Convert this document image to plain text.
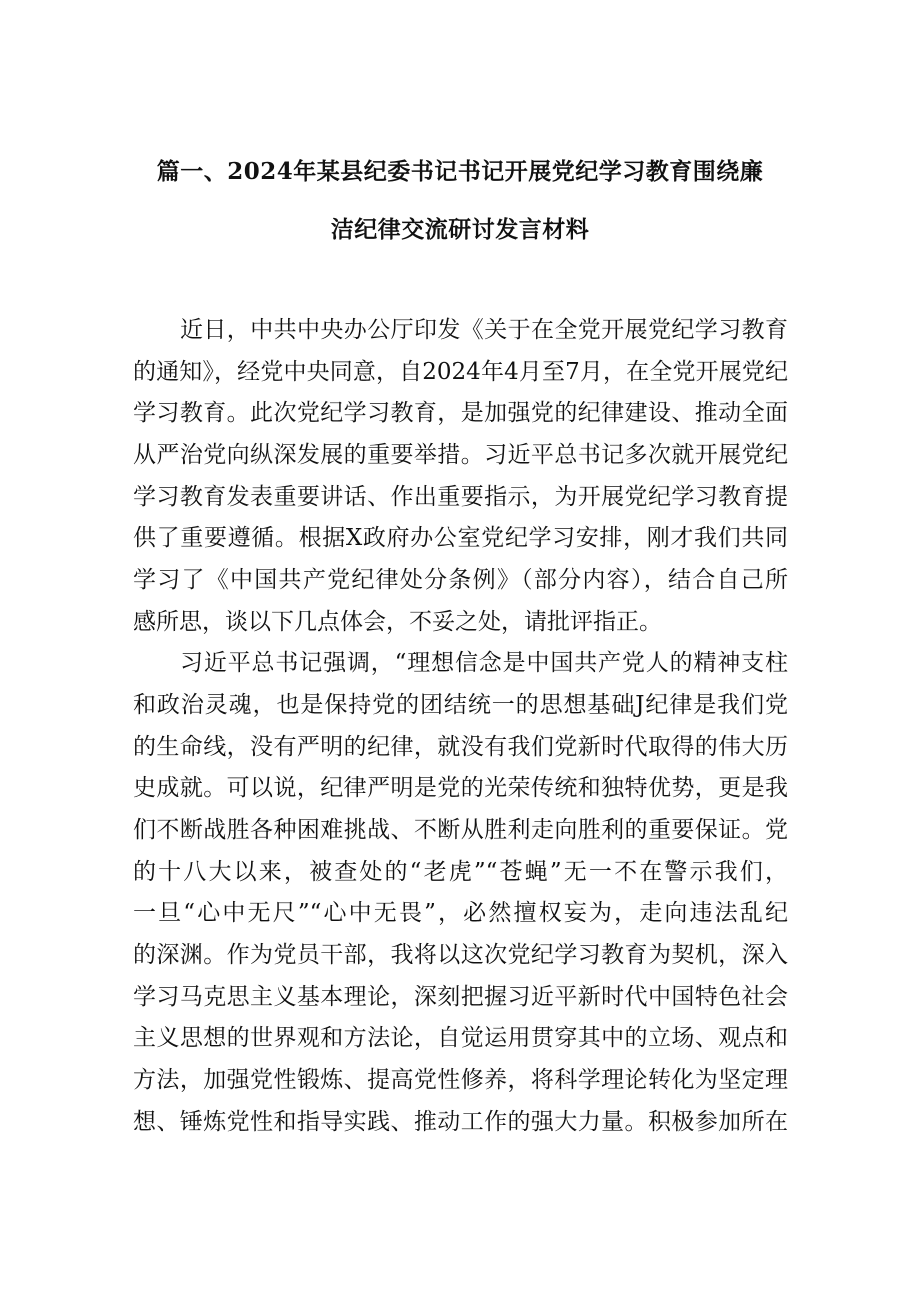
篇一、2024年某县纪委书记书记开展党纪学习教育围绕廉
洁纪律交流研讨发言材料
近日，中共中央办公厅印发《关于在全党开展党纪学习教育
的通知》，经党中央同意，自2024年4月至7月，在全党开展党纪
学习教育。此次党纪学习教育，是加强党的纪律建设、推动全面
从严治党向纵深发展的重要举措。习近平总书记多次就开展党纪
学习教育发表重要讲话、作出重要指示，为开展党纪学习教育提
供了重要遵循。根据X政府办公室党纪学习安排，刚才我们共同
学习了《中国共产党纪律处分条例》（部分内容），结合自己所
感所思，谈以下几点体会，不妥之处，请批评指正。
习近平总书记强调，“理想信念是中国共产党人的精神支柱
和政治灵魂，也是保持党的团结统一的思想基础J纪律是我们党
的生命线，没有严明的纪律，就没有我们党新时代取得的伟大历
史成就。可以说，纪律严明是党的光荣传统和独特优势，更是我
们不断战胜各种困难挑战、不断从胜利走向胜利的重要保证。党
的十八大以来，被查处的“老虎”“苍蝇”无一不在警示我们，
一旦“心中无尺”“心中无畏”，必然擅权妄为，走向违法乱纪
的深渊。作为党员干部，我将以这次党纪学习教育为契机，深入
学习马克思主义基本理论，深刻把握习近平新时代中国特色社会
主义思想的世界观和方法论，自觉运用贯穿其中的立场、观点和
方法，加强党性锻炼、提高党性修养，将科学理论转化为坚定理
想、锤炼党性和指导实践、推动工作的强大力量。积极参加所在
